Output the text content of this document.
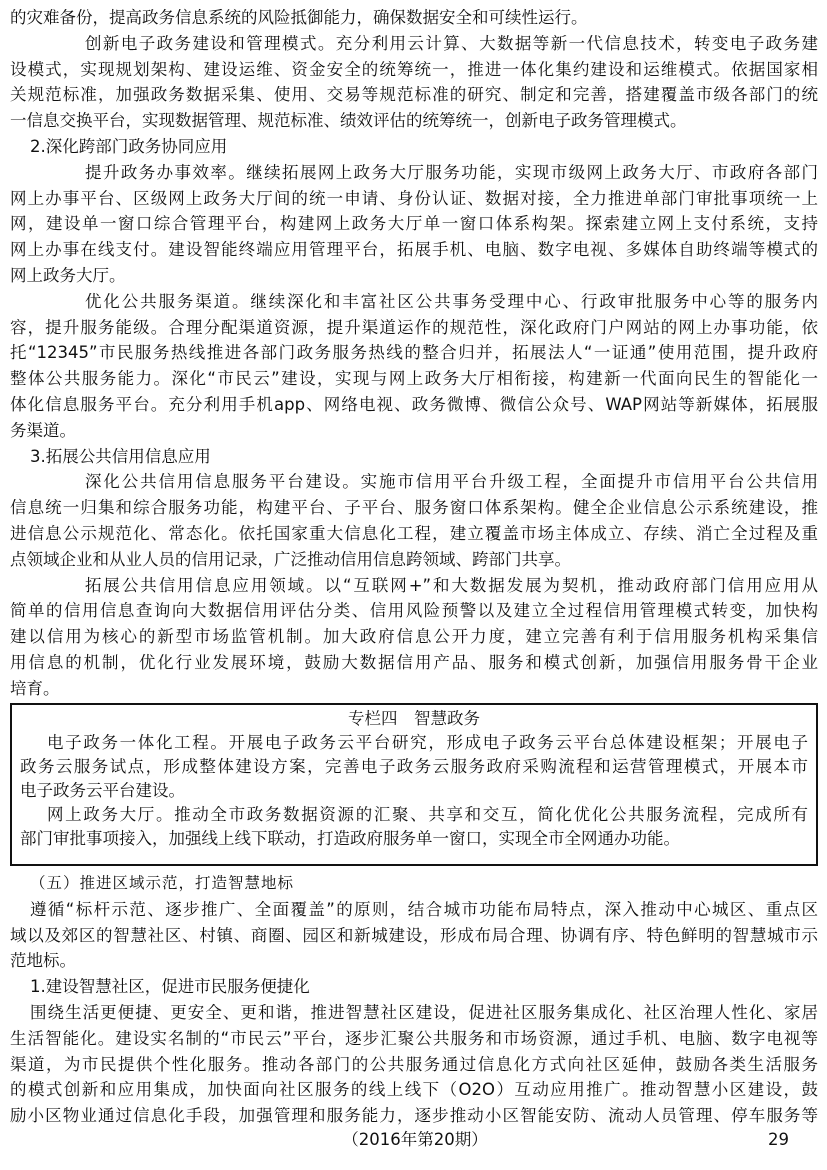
的灾难备份，提高政务信息系统的风险抵御能力，确保数据安全和可续性运行。
创新电子政务建设和管理模式。充分利用云计算、大数据等新一代信息技术，转变电子政务建
设模式，实现规划架构、建设运维、资金安全的统筹统一，推进一体化集约建设和运维模式。依据国家相
关规范标准，加强政务数据采集、使用、交易等规范标准的研究、制定和完善，搭建覆盖市级各部门的统
一信息交换平台，实现数据管理、规范标准、绩效评估的统筹统一，创新电子政务管理模式。
2.深化跨部门政务协同应用
提升政务办事效率。继续拓展网上政务大厅服务功能，实现市级网上政务大厅、市政府各部门
网上办事平台、区级网上政务大厅间的统一申请、身份认证、数据对接，全力推进单部门审批事项统一上
网，建设单一窗口综合管理平台，构建网上政务大厅单一窗口体系构架。探索建立网上支付系统，支持
网上办事在线支付。建设智能终端应用管理平台，拓展手机、电脑、数字电视、多媒体自助终端等模式的
网上政务大厅。
优化公共服务渠道。继续深化和丰富社区公共事务受理中心、行政审批服务中心等的服务内
容，提升服务能级。合理分配渠道资源，提升渠道运作的规范性，深化政府门户网站的网上办事功能，依
托“12345”市民服务热线推进各部门政务服务热线的整合归并，拓展法人“一证通”使用范围，提升政府
整体公共服务能力。深化“市民云”建设，实现与网上政务大厅相衔接，构建新一代面向民生的智能化一
体化信息服务平台。充分利用手机app、网络电视、政务微博、微信公众号、WAP网站等新媒体，拓展服
务渠道。
3.拓展公共信用信息应用
深化公共信用信息服务平台建设。实施市信用平台升级工程，全面提升市信用平台公共信用
信息统一归集和综合服务功能，构建平台、子平台、服务窗口体系架构。健全企业信息公示系统建设，推
进信息公示规范化、常态化。依托国家重大信息化工程，建立覆盖市场主体成立、存续、消亡全过程及重
点领域企业和从业人员的信用记录，广泛推动信用信息跨领域、跨部门共享。
拓展公共信用信息应用领域。以“互联网+”和大数据发展为契机，推动政府部门信用应用从
简单的信用信息查询向大数据信用评估分类、信用风险预警以及建立全过程信用管理模式转变，加快构
建以信用为核心的新型市场监管机制。加大政府信息公开力度，建立完善有利于信用服务机构采集信
用信息的机制，优化行业发展环境，鼓励大数据信用产品、服务和模式创新，加强信用服务骨干企业
培育。
专栏四　智慧政务
电子政务一体化工程。开展电子政务云平台研究，形成电子政务云平台总体建设框架；开展电子
政务云服务试点，形成整体建设方案，完善电子政务云服务政府采购流程和运营管理模式，开展本市
电子政务云平台建设。
网上政务大厅。推动全市政务数据资源的汇聚、共享和交互，简化优化公共服务流程，完成所有
部门审批事项接入，加强线上线下联动，打造政府服务单一窗口，实现全市全网通办功能。
（五）推进区域示范，打造智慧地标
遵循“标杆示范、逐步推广、全面覆盖”的原则，结合城市功能布局特点，深入推动中心城区、重点区
域以及郊区的智慧社区、村镇、商圈、园区和新城建设，形成布局合理、协调有序、特色鲜明的智慧城市示
范地标。
1.建设智慧社区，促进市民服务便捷化
围绕生活更便捷、更安全、更和谐，推进智慧社区建设，促进社区服务集成化、社区治理人性化、家居
生活智能化。建设实名制的“市民云”平台，逐步汇聚公共服务和市场资源，通过手机、电脑、数字电视等
渠道，为市民提供个性化服务。推动各部门的公共服务通过信息化方式向社区延伸，鼓励各类生活服务
的模式创新和应用集成，加快面向社区服务的线上线下（O2O）互动应用推广。推动智慧小区建设，鼓
励小区物业通过信息化手段，加强管理和服务能力，逐步推动小区智能安防、流动人员管理、停车服务等
（2016年第20期）	29
